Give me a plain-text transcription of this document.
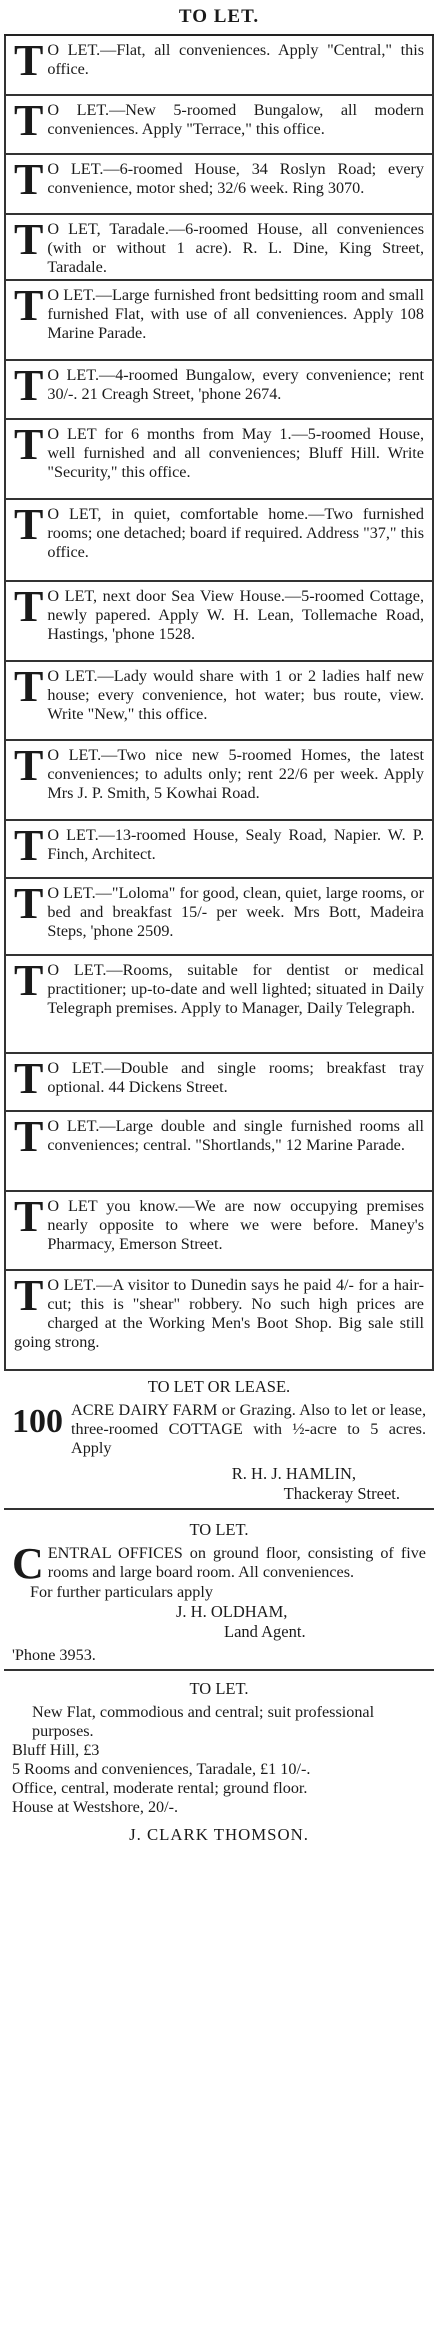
TO LET.

T O LET.—Flat, all conveniences. Apply "Central," this office.

T O LET.—New 5-roomed Bungalow, all modern conveniences. Apply "Terrace," this office.

T O LET.—6-roomed House, 34 Roslyn Road; every convenience, motor shed; 32/6 week. Ring 3070.

T O LET, Taradale.—6-roomed House, all conveniences (with or without 1 acre). R. L. Dine, King Street, Taradale.

T O LET.—Large furnished front bedsitting room and small furnished Flat, with use of all conveniences. Apply 108 Marine Parade.

T O LET.—4-roomed Bungalow, every convenience; rent 30/-. 21 Creagh Street, 'phone 2674.

T O LET for 6 months from May 1.—5-roomed House, well furnished and all conveniences; Bluff Hill. Write "Security," this office.

T O LET, in quiet, comfortable home.—Two furnished rooms; one detached; board if required. Address "37," this office.

T O LET, next door Sea View House.—5-roomed Cottage, newly papered. Apply W. H. Lean, Tollemache Road, Hastings, 'phone 1528.

T O LET.—Lady would share with 1 or 2 ladies half new house; every convenience, hot water; bus route, view. Write "New," this office.

T O LET.—Two nice new 5-roomed Homes, the latest conveniences; to adults only; rent 22/6 per week. Apply Mrs J. P. Smith, 5 Kowhai Road.

T O LET.—13-roomed House, Sealy Road, Napier. W. P. Finch, Architect.

T O LET.—"Loloma" for good, clean, quiet, large rooms, or bed and breakfast 15/- per week. Mrs Bott, Madeira Steps, 'phone 2509.

T O LET.—Rooms, suitable for dentist or medical practitioner; up-to-date and well lighted; situated in Daily Telegraph premises. Apply to Manager, Daily Telegraph.

T O LET.—Double and single rooms; breakfast tray optional. 44 Dickens Street.

T O LET.—Large double and single furnished rooms all conveniences; central. "Shortlands," 12 Marine Parade.

T O LET you know.—We are now occupying premises nearly opposite to where we were before. Maney's Pharmacy, Emerson Street.

T O LET.—A visitor to Dunedin says he paid 4/- for a hair-cut; this is "shear" robbery. No such high prices are charged at the Working Men's Boot Shop. Big sale still going strong.

TO LET OR LEASE.

100 ACRE DAIRY FARM or Grazing. Also to let or lease, three-roomed COTTAGE with ½-acre to 5 acres. Apply

R. H. J. HAMLIN,
Thackeray Street.
TO LET.

CENTRAL OFFICES on ground floor, consisting of five rooms and large board room. All conveniences.

For further particulars apply
J. H. OLDHAM,
Land Agent.
'Phone 3953.
TO LET.
New Flat, commodious and central; suit professional purposes.
Bluff Hill, £3
5 Rooms and conveniences, Taradale, £1 10/-.
Office, central, moderate rental; ground floor.
House at Westshore, 20/-.
J. CLARK THOMSON.
